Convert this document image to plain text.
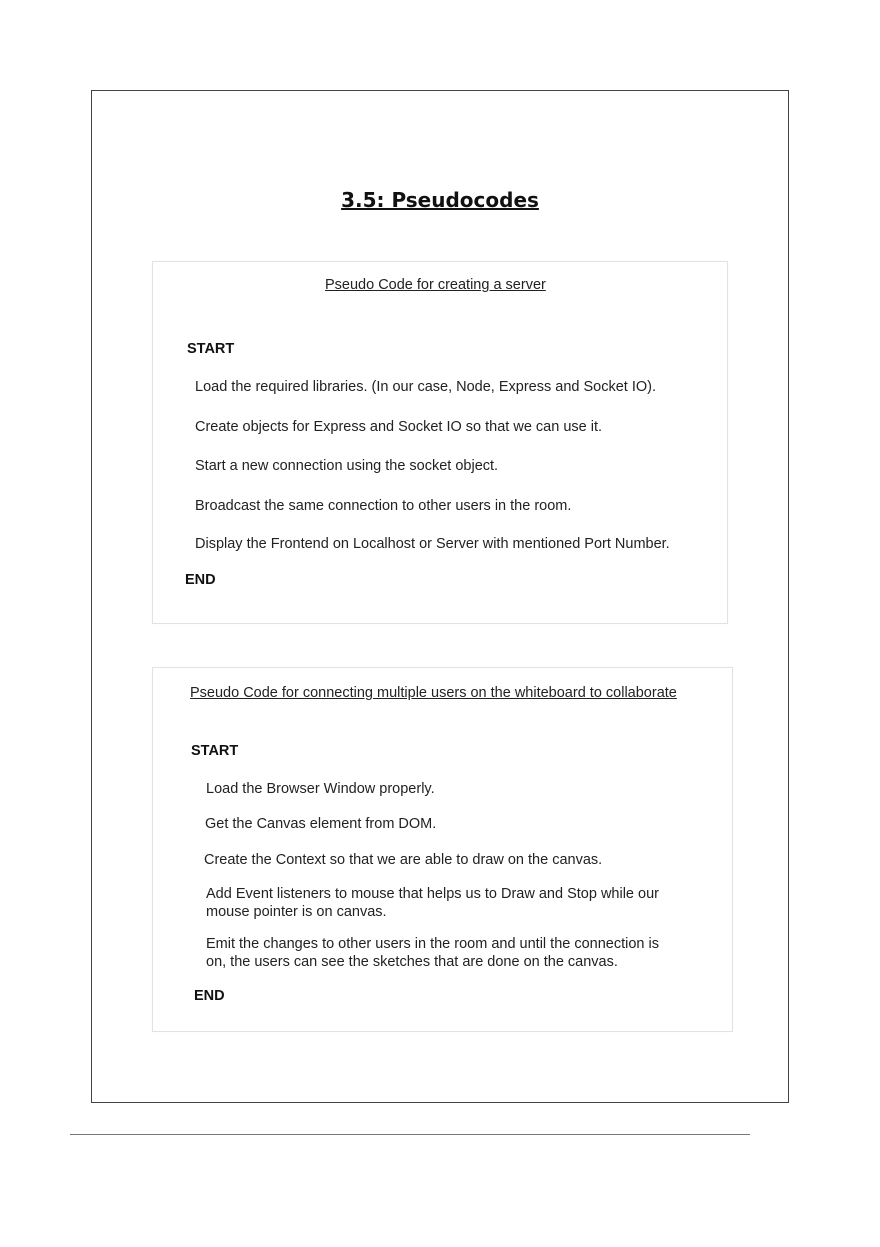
3.5: Pseudocodes
Pseudo Code for creating a server
START
Load the required libraries. (In our case, Node, Express and Socket IO).
Create objects for Express and Socket IO so that we can use it.
Start a new connection using the socket object.
Broadcast the same connection to other users in the room.
Display the Frontend on Localhost or Server with mentioned Port Number.
END
Pseudo Code for connecting multiple users on the whiteboard to collaborate
START
Load the Browser Window properly.
Get the Canvas element from DOM.
Create the Context so that we are able to draw on the canvas.
Add Event listeners to mouse that helps us to Draw and Stop while our mouse pointer is on canvas.
Emit the changes to other users in the room and until the connection is on, the users can see the sketches that are done on the canvas.
END
